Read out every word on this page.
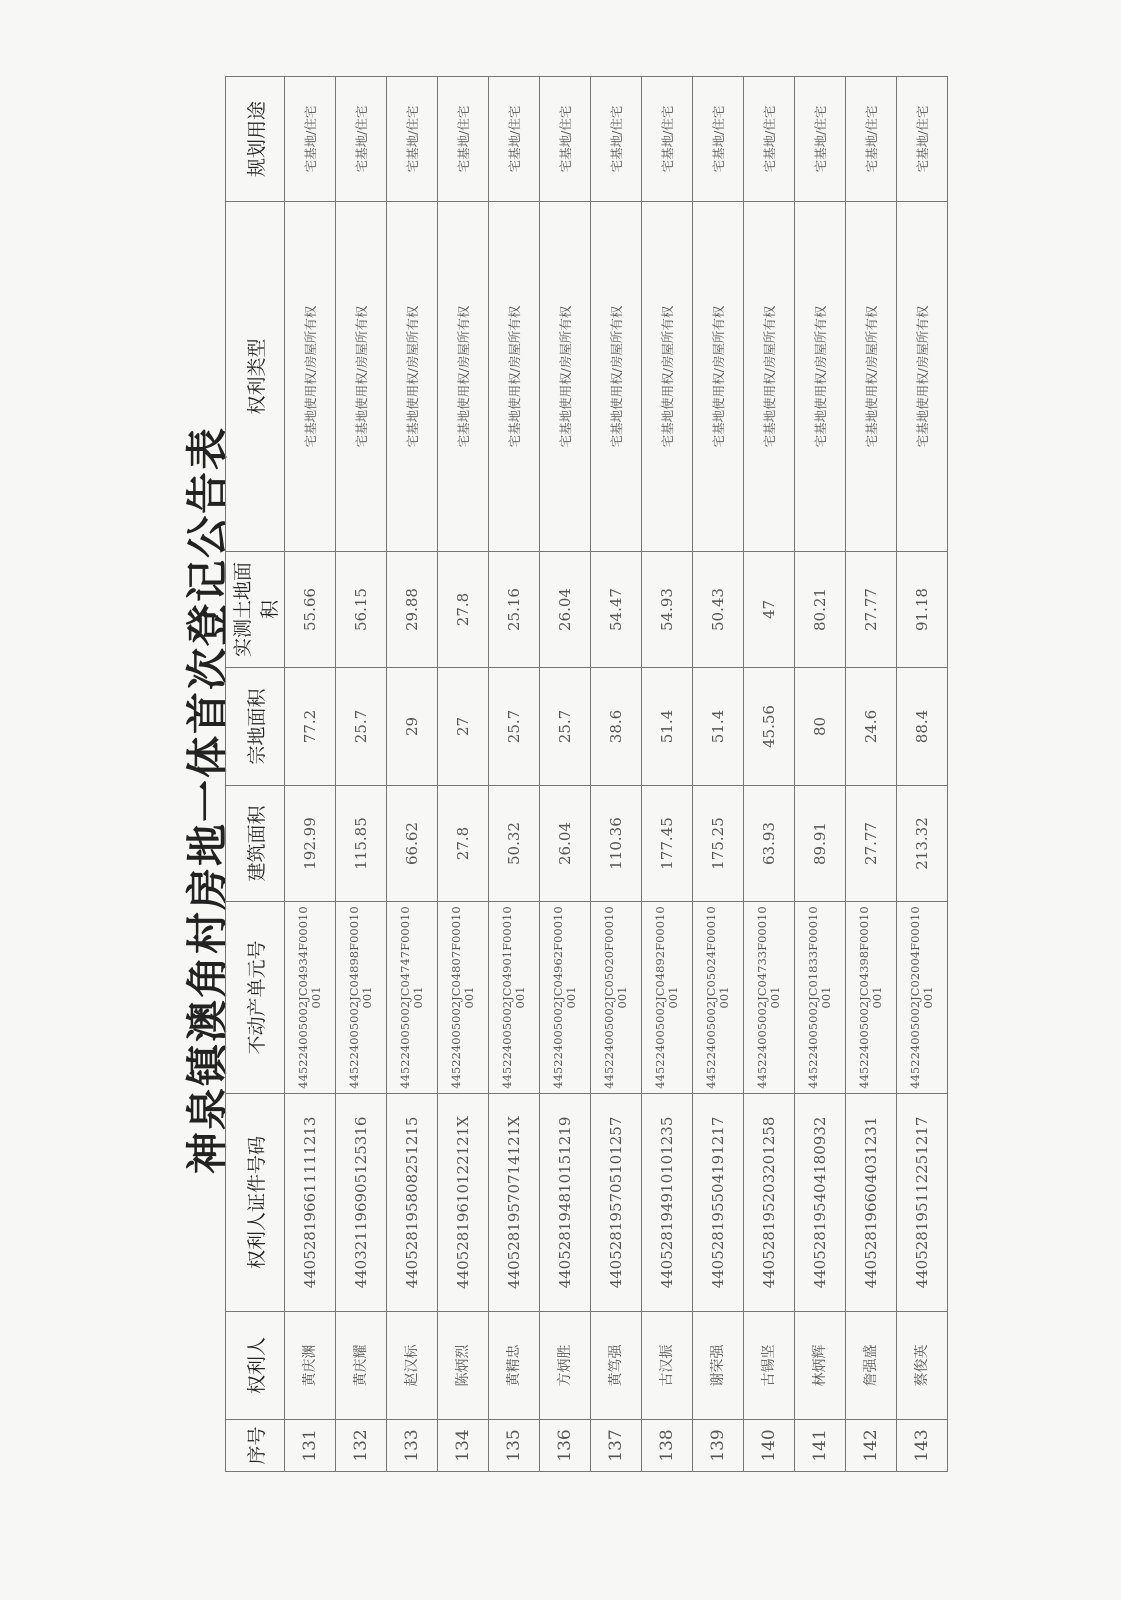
神泉镇澳角村房地一体首次登记公告表
序号	权利人	权利人证件号码	不动产单元号	建筑面积	宗地面积	实测土地面积	权利类型	规划用途
131	黄庆渊	440528196611111213	445224005002JC04934F00010001	192.99	77.2	55.66	宅基地使用权/房屋所有权	宅基地/住宅
132	黄庆耀	440321196905125316	445224005002JC04898F00010001	115.85	25.7	56.15	宅基地使用权/房屋所有权	宅基地/住宅
133	赵汉标	440528195808251215	445224005002JC04747F00010001	66.62	29	29.88	宅基地使用权/房屋所有权	宅基地/住宅
134	陈炳烈	44052819610122121X	445224005002JC04807F00010001	27.8	27	27.8	宅基地使用权/房屋所有权	宅基地/住宅
135	黄精忠	44052819570714121X	445224005002JC04901F00010001	50.32	25.7	25.16	宅基地使用权/房屋所有权	宅基地/住宅
136	方炳胜	440528194810151219	445224005002JC04962F00010001	26.04	25.7	26.04	宅基地使用权/房屋所有权	宅基地/住宅
137	黄笃强	440528195705101257	445224005002JC05020F00010001	110.36	38.6	54.47	宅基地使用权/房屋所有权	宅基地/住宅
138	古汉振	440528194910101235	445224005002JC04892F00010001	177.45	51.4	54.93	宅基地使用权/房屋所有权	宅基地/住宅
139	谢荣强	440528195504191217	445224005002JC05024F00010001	175.25	51.4	50.43	宅基地使用权/房屋所有权	宅基地/住宅
140	古锡坚	440528195203201258	445224005002JC04733F00010001	63.93	45.56	47	宅基地使用权/房屋所有权	宅基地/住宅
141	林炳辉	440528195404180932	445224005002JC01833F00010001	89.91	80	80.21	宅基地使用权/房屋所有权	宅基地/住宅
142	詹强盛	440528196604031231	445224005002JC04398F00010001	27.77	24.6	27.77	宅基地使用权/房屋所有权	宅基地/住宅
143	蔡俊英	440528195112251217	445224005002JC02004F00010001	213.32	88.4	91.18	宅基地使用权/房屋所有权	宅基地/住宅
